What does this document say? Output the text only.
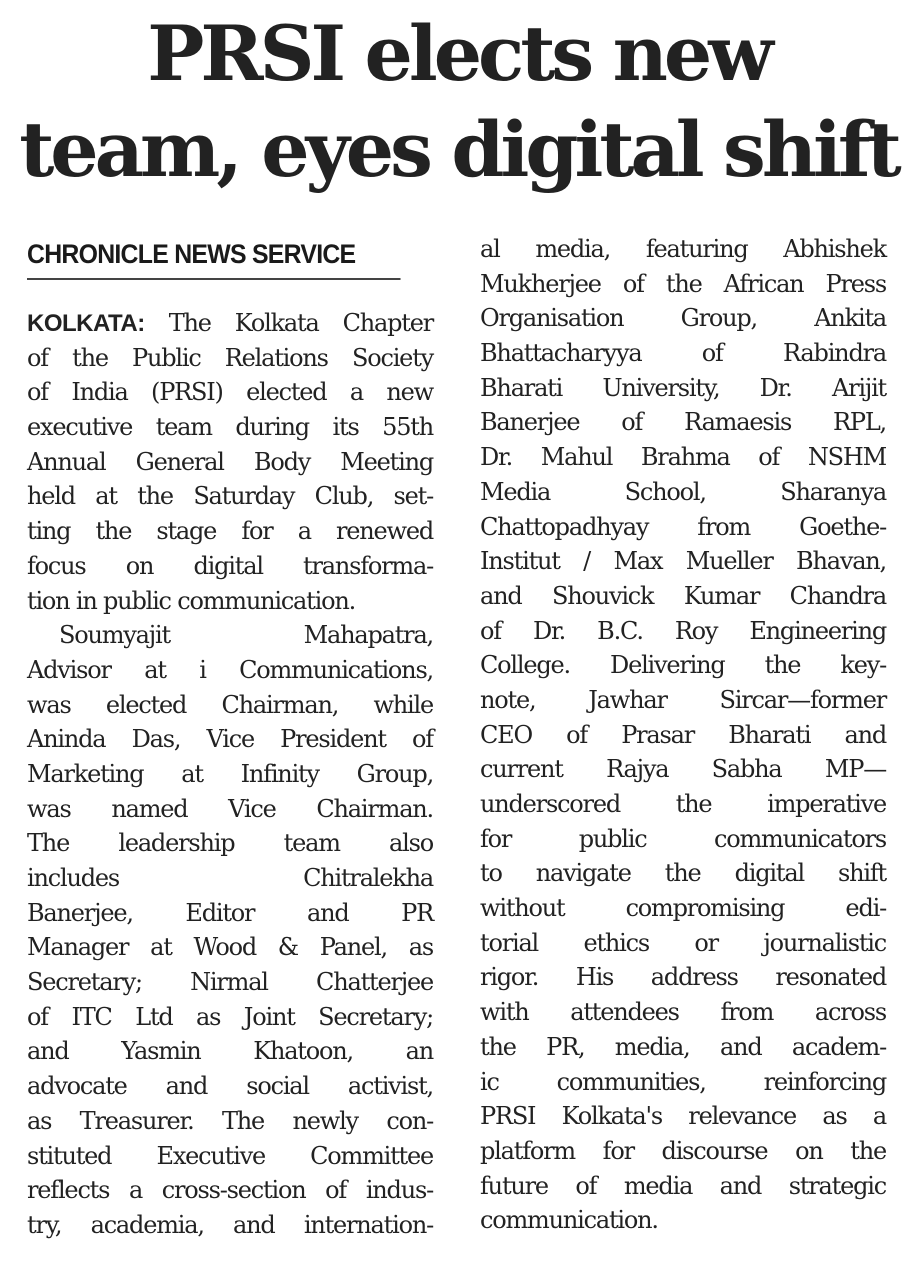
PRSI elects new
team, eyes digital shift
CHRONICLE NEWS SERVICE
KOLKATA: The Kolkata Chapter
of the Public Relations Society
of India (PRSI) elected a new
executive team during its 55th
Annual General Body Meeting
held at the Saturday Club, set-
ting the stage for a renewed
focus on digital transforma-
tion in public communication.
Soumyajit Mahapatra,
Advisor at i Communications,
was elected Chairman, while
Aninda Das, Vice President of
Marketing at Infinity Group,
was named Vice Chairman.
The leadership team also
includes Chitralekha
Banerjee, Editor and PR
Manager at Wood & Panel, as
Secretary; Nirmal Chatterjee
of ITC Ltd as Joint Secretary;
and Yasmin Khatoon, an
advocate and social activist,
as Treasurer. The newly con-
stituted Executive Committee
reflects a cross-section of indus-
try, academia, and internation-
al media, featuring Abhishek
Mukherjee of the African Press
Organisation Group, Ankita
Bhattacharyya of Rabindra
Bharati University, Dr. Arijit
Banerjee of Ramaesis RPL,
Dr. Mahul Brahma of NSHM
Media School, Sharanya
Chattopadhyay from Goethe-
Institut / Max Mueller Bhavan,
and Shouvick Kumar Chandra
of Dr. B.C. Roy Engineering
College. Delivering the key-
note, Jawhar Sircar—former
CEO of Prasar Bharati and
current Rajya Sabha MP—
underscored the imperative
for public communicators
to navigate the digital shift
without compromising edi-
torial ethics or journalistic
rigor. His address resonated
with attendees from across
the PR, media, and academ-
ic communities, reinforcing
PRSI Kolkata's relevance as a
platform for discourse on the
future of media and strategic
communication.
